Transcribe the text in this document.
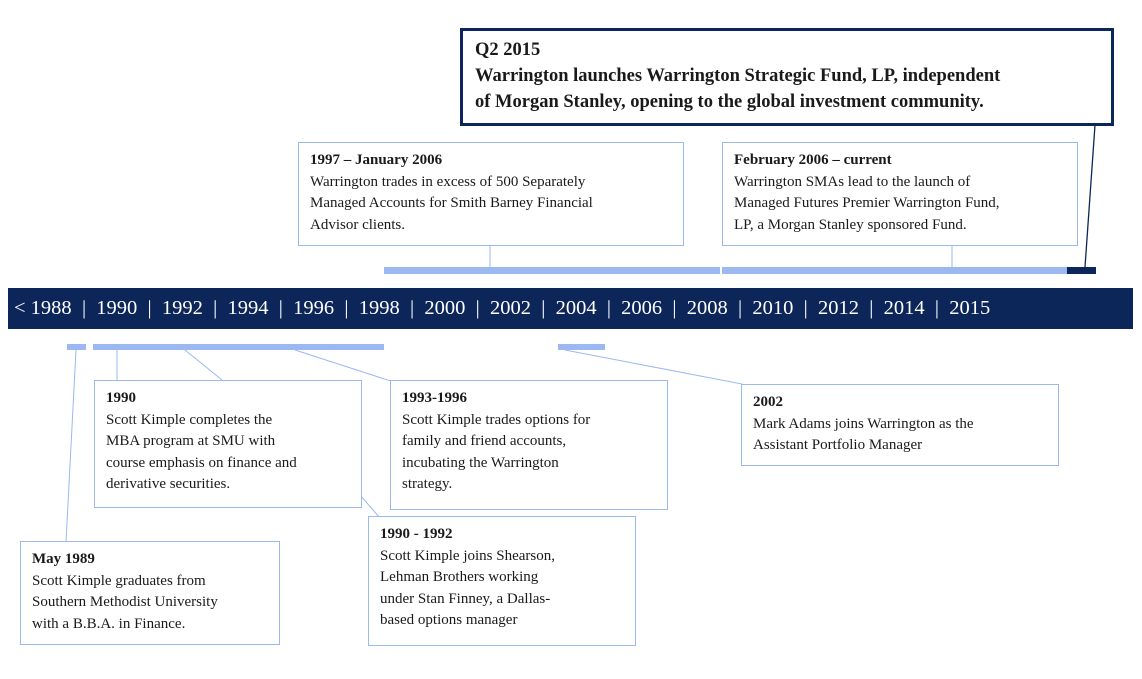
< 1988 | 1990 | 1992 | 1994 | 1996 | 1998 | 2000 | 2002 | 2004 | 2006 | 2008 | 2010 | 2012 | 2014 | 2015
Q2 2015
Warrington launches Warrington Strategic Fund, LP, independent
of Morgan Stanley, opening to the global investment community.
1997 – January 2006
Warrington trades in excess of 500 Separately
Managed Accounts for Smith Barney Financial
Advisor clients.
February 2006 – current
Warrington SMAs lead to the launch of
Managed Futures Premier Warrington Fund,
LP, a Morgan Stanley sponsored Fund.
1990
Scott Kimple completes the
MBA program at SMU with
course emphasis on finance and
derivative securities.
1993-1996
Scott Kimple trades options for
family and friend accounts,
incubating the Warrington
strategy.
2002
Mark Adams joins Warrington as the
Assistant Portfolio Manager
1990 - 1992
Scott Kimple joins Shearson,
Lehman Brothers working
under Stan Finney, a Dallas-
based options manager
May 1989
Scott Kimple graduates from
Southern Methodist University
with a B.B.A. in Finance.
